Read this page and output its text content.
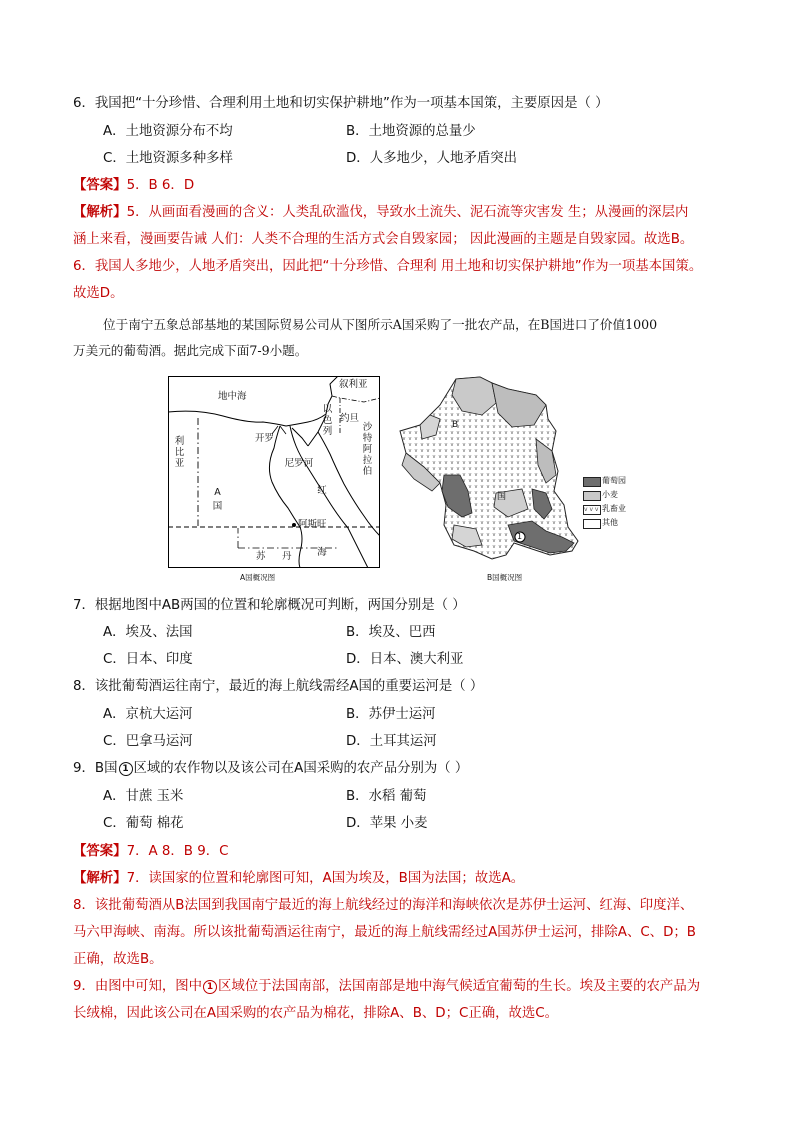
6．我国把“十分珍惜、合理利用土地和切实保护耕地”作为一项基本国策，主要原因是（ ）
A．土地资源分布不均	B．土地资源的总量少
C．土地资源多种多样	D．人多地少，人地矛盾突出
【答案】5．B 6．D
【解析】5．从画面看漫画的含义：人类乱砍滥伐，导致水土流失、泥石流等灾害发 生；从漫画的深层内
涵上来看，漫画要告诫 人们：人类不合理的生活方式会自毁家园； 因此漫画的主题是自毁家园。故选B。
6．我国人多地少，人地矛盾突出，因此把“十分珍惜、合理利 用土地和切实保护耕地”作为一项基本国策。
故选D。
位于南宁五象总部基地的某国际贸易公司从下图所示A国采购了一批农产品，在B国进口了价值1000
万美元的葡萄酒。据此完成下面7-9小题。
地中海
叙利亚
以色列
约旦
沙特阿拉伯
利比亚
开罗
尼罗河
红海
A国
阿斯旺
苏 丹
A国概况图
B
国
1
葡萄园
小麦
v v v 乳畜业
其他
B国概况图
7．根据地图中AB两国的位置和轮廓概况可判断，两国分别是（ ）
A．埃及、法国	B．埃及、巴西
C．日本、印度	D．日本、澳大利亚
8．该批葡萄酒运往南宁，最近的海上航线需经A国的重要运河是（ ）
A．京杭大运河	B．苏伊士运河
C．巴拿马运河	D．土耳其运河
9．B国 1 区域的农作物以及该公司在A国采购的农产品分别为（ ）
A．甘蔗 玉米	B．水稻 葡萄
C．葡萄 棉花	D．苹果 小麦
【答案】7．A 8．B 9．C
【解析】7．读国家的位置和轮廓图可知，A国为埃及，B国为法国；故选A。
8．该批葡萄酒从B法国到我国南宁最近的海上航线经过的海洋和海峡依次是苏伊士运河、红海、印度洋、
马六甲海峡、南海。所以该批葡萄酒运往南宁，最近的海上航线需经过A国苏伊士运河，排除A、C、D；B
正确，故选B。
9．由图中可知，图中 1 区域位于法国南部，法国南部是地中海气候适宜葡萄的生长。埃及主要的农产品为
长绒棉，因此该公司在A国采购的农产品为棉花，排除A、B、D；C正确，故选C。
